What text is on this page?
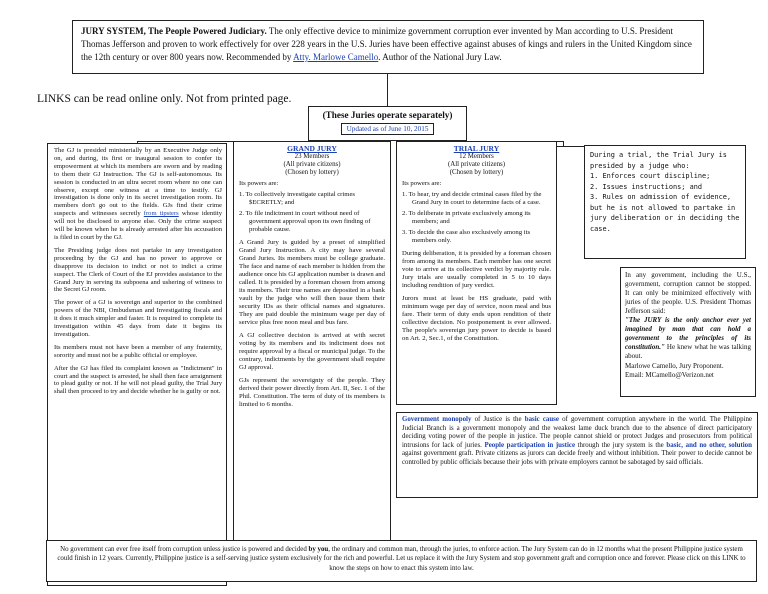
JURY SYSTEM, The People Powered Judiciary. The only effective device to minimize government corruption ever invented by Man according to U.S. President Thomas Jefferson and proven to work effectively for over 228 years in the U.S. Juries have been effective against abuses of kings and rulers in the United Kingdom since the 12th century or over 800 years now. Recommended by Atty. Marlowe Camello. Author of the National Jury Law.
LINKS can be read online only. Not from printed page.
(These Juries operate separately)
Updated as of June 10, 2015

The GJ is presided ministerially by an Executive Judge only on, and during, its first or inaugural session to confer its empowerment at which its members are sworn and by reading to them their GJ Instruction. The GJ is self-autonomous. Its session is conducted in an ultra secret room where no one can observe, except one witness at a time to testify. GJ investigation is done only in its secret investigation room. Its members don't go out to the fields. GJs find their crime suspects and witnesses secretly from tipsters whose identity will not be disclosed to anyone else. Only the crime suspect will be known when he is already arrested after his accusation is filed in court by the GJ.

The Presiding judge does not partake in any investigation proceeding by the GJ and has no power to approve or disapprove its decision to indict or not to indict a crime suspect. The Clerk of Court of the EJ provides assistance to the Grand Jury in serving its subpoena and ushering of witness to the Secret GJ room.

The power of a GJ is sovereign and superior to the combined powers of the NBI, Ombudsman and Investigating fiscals and it does it much simpler and faster. It is required to complete its investigation within 45 days from date it begins its investigation.

Its members must not have been a member of any fraternity, sorority and must not be a public official or employee.

After the GJ has filed its complaint known as "Indictment" in court and the suspect is arrested, he shall then face arraignment to plead guilty or not. If he will not plead guilty, the Trial Jury shall then proceed to try and decide whether he is guilty or not.

GRAND JURY
23 Members
(All private citizens)
(Chosen by lottery)
Its powers are:
1. To collectively investigate capital crimes $ECRETLY; and
2. To file indictment in court without need of government approval upon its own finding of probable cause.

A Grand Jury is guided by a preset of simplified Grand Jury Instruction. A city may have several Grand Juries. Its members must be college graduate. The face and name of each member is hidden from the audience once his GJ application number is drawn and called. It is presided by a foreman chosen from among its members. Their true names are deposited in a bank vault by the judge who will then issue them their security IDs as their official names and signatures. They are paid double the minimum wage per day of service plus free noon meal and bus fare.

A GJ collective decision is arrived at with secret voting by its members and its indictment does not require approval by a fiscal or municipal judge. To the contrary, indictments by the government shall require GJ approval.

GJs represent the sovereignty of the people. They derived their power directly from Art. II, Sec. 1 of the Phil. Constitution. The term of duty of its members is limited to 6 months.

TRIAL JURY
12 Members
(All private citizens)
(Chosen by lottery)
Its powers are:
1. To hear, try and decide criminal cases filed by the Grand Jury in court to determine facts of a case.
2. To deliberate in private exclusively among its members; and
3. To decide the case also exclusively among its members only.

During deliberation, it is presided by a foreman chosen from among its members. Each member has one secret vote to arrive at its collective verdict by majority rule. Jury trials are usually completed in 5 to 10 days including rendition of jury verdict.

Jurors must at least be HS graduate, paid with minimum wage per day of service, noon meal and bus fare. Their term of duty ends upon rendition of their collective decision. No postponement is ever allowed. The people's sovereign jury power to decide is based on Art. 2, Sec.1, of the Constitution.

During a trial, the Trial Jury is presided by a judge who:
1. Enforces court discipline;
2. Issues instructions; and
3. Rules on admission of evidence,
but he is not allowed to partake in jury deliberation or in deciding the case.

In any government, including the U.S., government, corruption cannot be stopped. It can only be minimized effectively with juries of the people. U.S. President Thomas Jefferson said:

"The JURY is the only anchor ever yet imagined by man that can hold a government to the principles of its constitution." He knew what he was talking about.

Marlowe Camello, Jury Proponent.

Email: MCamello@Verizon.net

Government monopoly of Justice is the basic cause of government corruption anywhere in the world. The Philippine Judicial Branch is a government monopoly and the weakest lame duck branch due to the absence of direct participatory deciding voting power of the people in justice. The people cannot shield or protect Judges and prosecutors from political intrusions for lack of juries. People participation in justice through the jury system is the basic, and no other, solution against government graft. Private citizens as jurors can decide freely and without inhibition. Their power to decide cannot be controlled by public officials because their jobs with private employers cannot be sabotaged by said officials.
No government can ever free itself from corruption unless justice is powered and decided by you, the ordinary and common man, through the juries, to enforce action. The Jury System can do in 12 months what the present Philippine justice system could finish in 12 years. Currently, Philippine justice is a self-serving justice system exclusively for the rich and powerful. Let us replace it with the Jury System and stop government graft and corruption once and forever. Please click on this LINK to know the steps on how to enact this system into law.
